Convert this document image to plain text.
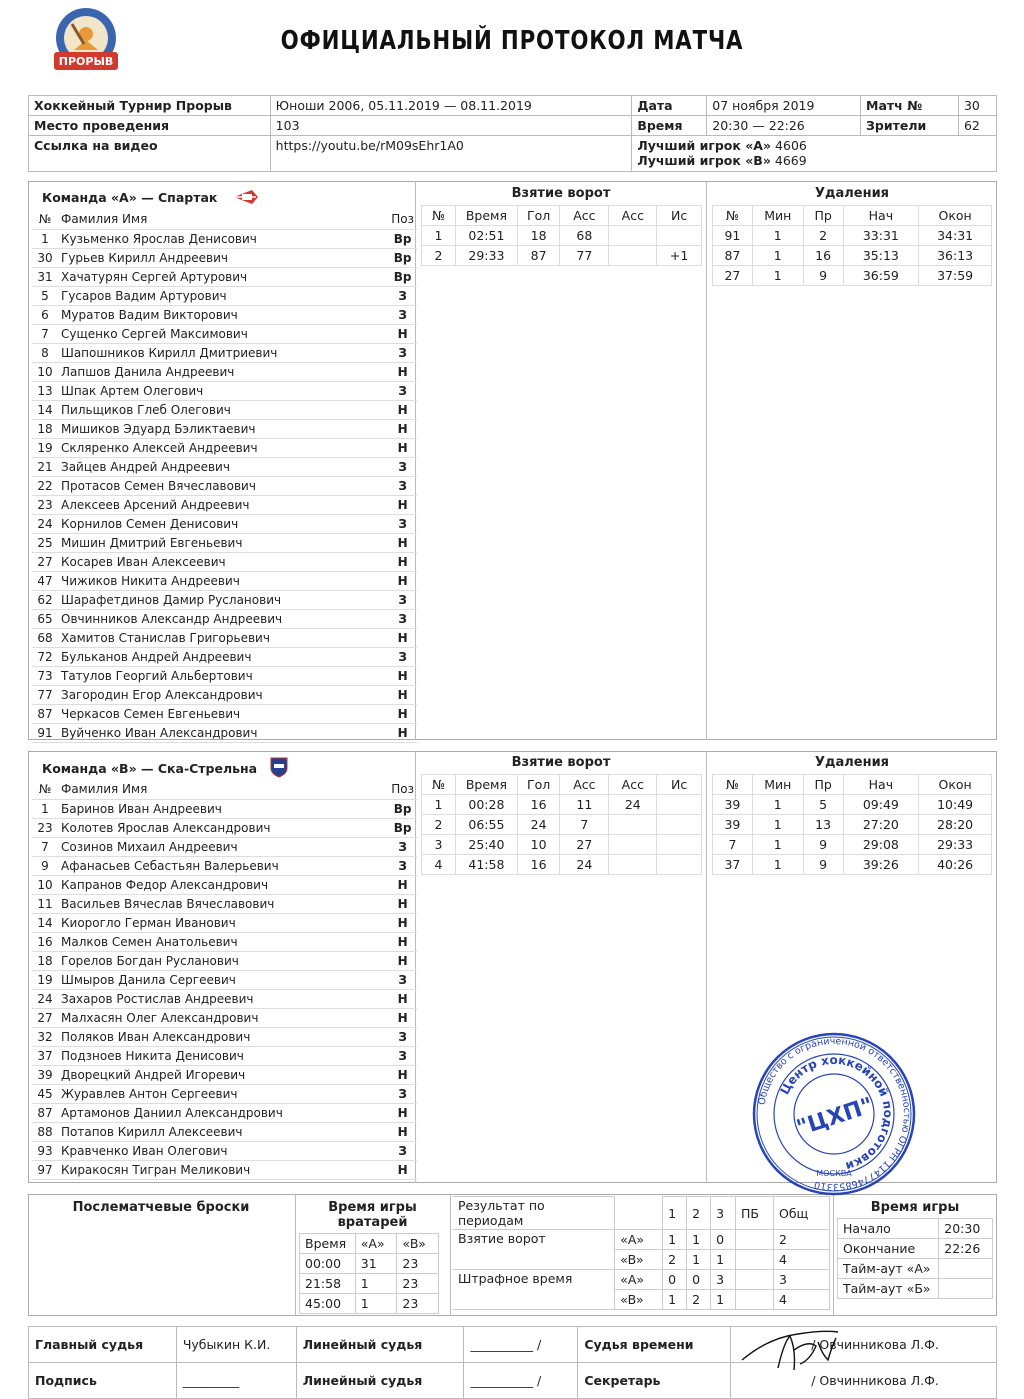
ПРОРЫВ
ОФИЦИАЛЬНЫЙ ПРОТОКОЛ МАТЧА
Хоккейный Турнир Прорыв	Юноши 2006, 05.11.2019 — 08.11.2019	Дата	07 ноября 2019	Матч №	30
Место проведения	103	Время	20:30 — 22:26	Зрители	62
Ссылка на видео	https://youtu.be/rM09sEhr1A0	Лучший игрок «A» 4606
Лучший игрок «B» 4669			
Команда «A» — Спартак		
№	Фамилия Имя	Поз
1	Кузьменко Ярослав Денисович	Вр
30	Гурьев Кирилл Андреевич	Вр
31	Хачатурян Сергей Артурович	Вр
5	Гусаров Вадим Артурович	З
6	Муратов Вадим Викторович	З
7	Сущенко Сергей Максимович	Н
8	Шапошников Кирилл Дмитриевич	З
10	Лапшов Данила Андреевич	Н
13	Шпак Артем Олегович	З
14	Пильщиков Глеб Олегович	Н
18	Мишиков Эдуард Бэликтаевич	Н
19	Скляренко Алексей Андреевич	Н
21	Зайцев Андрей Андреевич	З
22	Протасов Семен Вячеславович	З
23	Алексеев Арсений Андреевич	Н
24	Корнилов Семен Денисович	З
25	Мишин Дмитрий Евгеньевич	Н
27	Косарев Иван Алексеевич	Н
47	Чижиков Никита Андреевич	Н
62	Шарафетдинов Дамир Русланович	З
65	Овчинников Александр Андреевич	З
68	Хамитов Станислав Григорьевич	Н
72	Бульканов Андрей Андреевич	З
73	Татулов Георгий Альбертович	Н
77	Загородин Егор Александрович	Н
87	Черкасов Семен Евгеньевич	Н
91	Вуйченко Иван Александрович	Н
Взятие ворот
№	Время	Гол	Асс	Асс	Ис
1	02:51	18	68		
2	29:33	87	77		+1
Удаления
№	Мин	Пр	Нач	Окон
91	1	2	33:31	34:31
87	1	16	35:13	36:13
27	1	9	36:59	37:59
Команда «B» — Ска-Стрельна		
№	Фамилия Имя	Поз
1	Баринов Иван Андреевич	Вр
23	Колотев Ярослав Александрович	Вр
7	Созинов Михаил Андреевич	З
9	Афанасьев Себастьян Валерьевич	З
10	Капранов Федор Александрович	Н
11	Васильев Вячеслав Вячеславович	Н
14	Киорогло Герман Иванович	Н
16	Малков Семен Анатольевич	Н
18	Горелов Богдан Русланович	Н
19	Шмыров Данила Сергеевич	З
24	Захаров Ростислав Андреевич	Н
27	Малхасян Олег Александрович	Н
32	Поляков Иван Александрович	З
37	Подзноев Никита Денисович	З
39	Дворецкий Андрей Игоревич	Н
45	Журавлев Антон Сергеевич	З
87	Артамонов Даниил Александрович	Н
88	Потапов Кирилл Алексеевич	Н
93	Кравченко Иван Олегович	З
97	Киракосян Тигран Меликович	Н
Взятие ворот
№	Время	Гол	Асс	Асс	Ис
1	00:28	16	11	24	
2	06:55	24	7		
3	25:40	10	27		
4	41:58	16	24		
Удаления
№	Мин	Пр	Нач	Окон
39	1	5	09:49	10:49
39	1	13	27:20	28:20
7	1	9	29:08	29:33
37	1	9	39:26	40:26
Послематчевые броски	Время игры вратарей
Время	«A»	«B»
00:00	31	23
21:58	1	23
45:00	1	23
Результат по периодам		1	2	3	ПБ	Общ
Взятие ворот	«A»	1	1	0		2
	«B»	2	1	1		4
Штрафное время	«A»	0	0	3		3
	«B»	1	2	1		4
Время игры
Начало	20:30
Окончание	22:26
Тайм-аут «A»	
Тайм-аут «Б»	
Главный судья	Чубыкин К.И.	Линейный судья	__________ /	Судья времени	/ Овчинникова Л.Ф.
Подпись	_________	Линейный судья	__________ /	Секретарь	/ Овчинникова Л.Ф.
Общество с ограниченной ответственностью ОГРН 1147746853310
Центр хоккейной подготовки
"ЦХП"
МОСКВА
